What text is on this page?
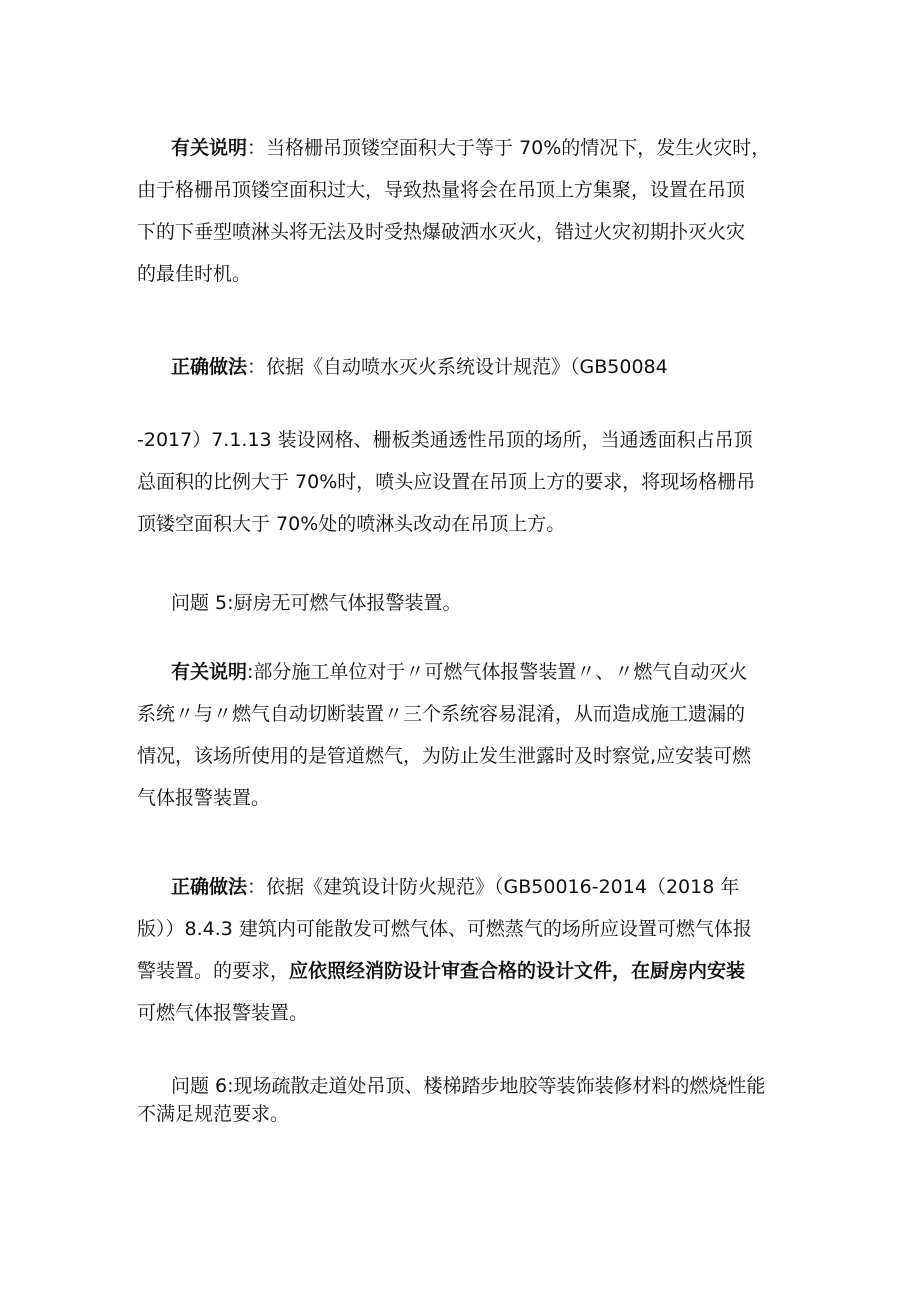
有关说明：当格栅吊顶镂空面积大于等于 70%的情况下，发生火灾时，
由于格栅吊顶镂空面积过大，导致热量将会在吊顶上方集聚，设置在吊顶
下的下垂型喷淋头将无法及时受热爆破洒水灭火，错过火灾初期扑灭火灾
的最佳时机。
正确做法：依据《自动喷水灭火系统设计规范》（GB50084
-2017）7.1.13 装设网格、栅板类通透性吊顶的场所，当通透面积占吊顶
总面积的比例大于 70%时，喷头应设置在吊顶上方的要求，将现场格栅吊
顶镂空面积大于 70%处的喷淋头改动在吊顶上方。
问题 5:厨房无可燃气体报警装置。
有关说明:部分施工单位对于〃可燃气体报警装置〃、〃燃气自动灭火
系统〃与〃燃气自动切断装置〃三个系统容易混淆，从而造成施工遗漏的
情况，该场所使用的是管道燃气，为防止发生泄露时及时察觉,应安装可燃
气体报警装置。
正确做法：依据《建筑设计防火规范》（GB50016-2014（2018 年
版））8.4.3 建筑内可能散发可燃气体、可燃蒸气的场所应设置可燃气体报
警装置。的要求，应依照经消防设计审查合格的设计文件，在厨房内安装
可燃气体报警装置。
问题 6:现场疏散走道处吊顶、楼梯踏步地胶等装饰装修材料的燃烧性能
不满足规范要求。
